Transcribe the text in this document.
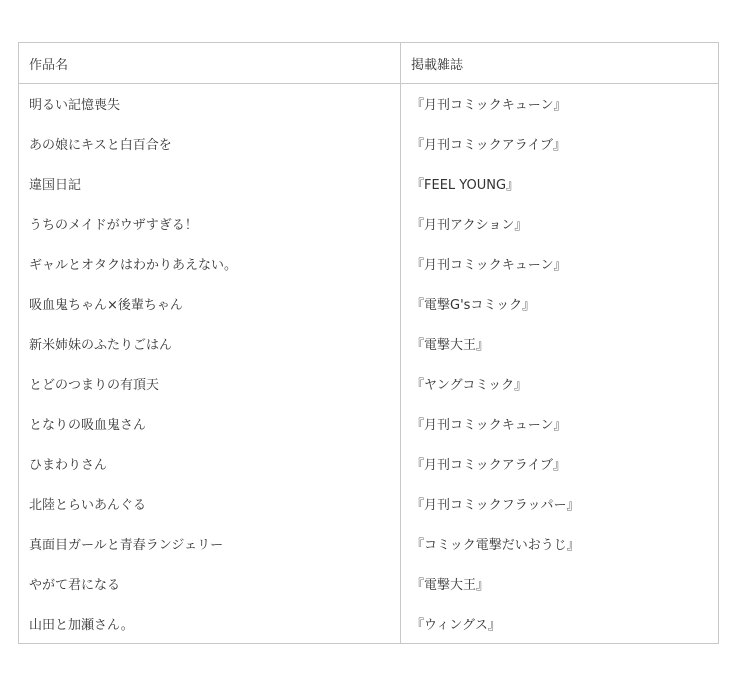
作品名	掲載雑誌
明るい記憶喪失	『月刊コミックキューン』
あの娘にキスと白百合を	『月刊コミックアライブ』
違国日記	『FEEL YOUNG』
うちのメイドがウザすぎる！	『月刊アクション』
ギャルとオタクはわかりあえない。	『月刊コミックキューン』
吸血鬼ちゃん×後輩ちゃん	『電撃G'sコミック』
新米姉妹のふたりごはん	『電撃大王』
とどのつまりの有頂天	『ヤングコミック』
となりの吸血鬼さん	『月刊コミックキューン』
ひまわりさん	『月刊コミックアライブ』
北陸とらいあんぐる	『月刊コミックフラッパー』
真面目ガールと青春ランジェリー	『コミック電撃だいおうじ』
やがて君になる	『電撃大王』
山田と加瀬さん。	『ウィングス』
